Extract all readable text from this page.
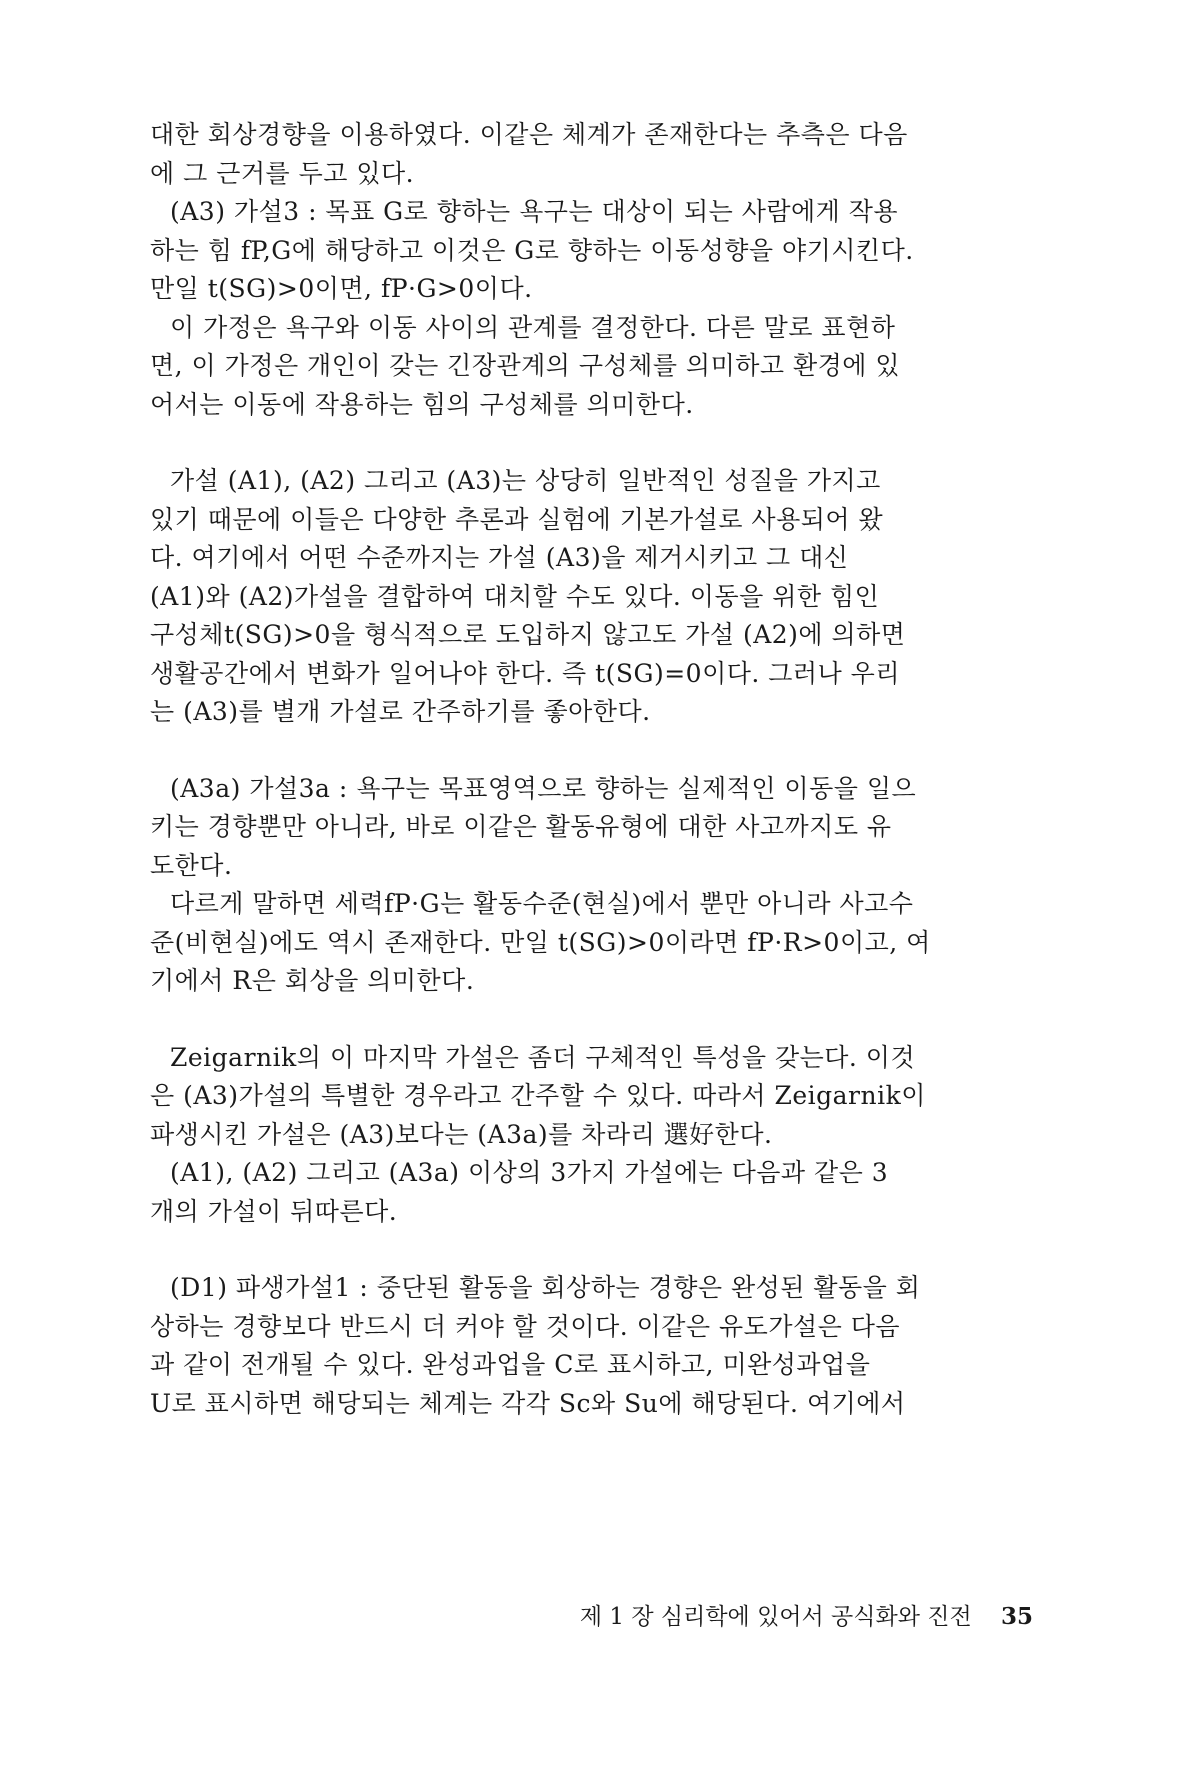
대한 회상경향을 이용하였다. 이같은 체계가 존재한다는 추측은 다음
에 그 근거를 두고 있다.
(A3) 가설3 : 목표 G로 향하는 욕구는 대상이 되는 사람에게 작용
하는 힘 fP,G에 해당하고 이것은 G로 향하는 이동성향을 야기시킨다.
만일 t(SG)>0이면, fP·G>0이다.
이 가정은 욕구와 이동 사이의 관계를 결정한다. 다른 말로 표현하
면, 이 가정은 개인이 갖는 긴장관계의 구성체를 의미하고 환경에 있
어서는 이동에 작용하는 힘의 구성체를 의미한다.
가설 (A1), (A2) 그리고 (A3)는 상당히 일반적인 성질을 가지고
있기 때문에 이들은 다양한 추론과 실험에 기본가설로 사용되어 왔
다. 여기에서 어떤 수준까지는 가설 (A3)을 제거시키고 그 대신
(A1)와 (A2)가설을 결합하여 대치할 수도 있다. 이동을 위한 힘인
구성체t(SG)>0을 형식적으로 도입하지 않고도 가설 (A2)에 의하면
생활공간에서 변화가 일어나야 한다. 즉 t(SG)=0이다. 그러나 우리
는 (A3)를 별개 가설로 간주하기를 좋아한다.
(A3a) 가설3a : 욕구는 목표영역으로 향하는 실제적인 이동을 일으
키는 경향뿐만 아니라, 바로 이같은 활동유형에 대한 사고까지도 유
도한다.
다르게 말하면 세력fP·G는 활동수준(현실)에서 뿐만 아니라 사고수
준(비현실)에도 역시 존재한다. 만일 t(SG)>0이라면 fP·R>0이고, 여
기에서 R은 회상을 의미한다.
Zeigarnik의 이 마지막 가설은 좀더 구체적인 특성을 갖는다. 이것
은 (A3)가설의 특별한 경우라고 간주할 수 있다. 따라서 Zeigarnik이
파생시킨 가설은 (A3)보다는 (A3a)를 차라리 選好한다.
(A1), (A2) 그리고 (A3a) 이상의 3가지 가설에는 다음과 같은 3
개의 가설이 뒤따른다.
(D1) 파생가설1 : 중단된 활동을 회상하는 경향은 완성된 활동을 회
상하는 경향보다 반드시 더 커야 할 것이다. 이같은 유도가설은 다음
과 같이 전개될 수 있다. 완성과업을 C로 표시하고, 미완성과업을
U로 표시하면 해당되는 체계는 각각 Sc와 Su에 해당된다. 여기에서
제 1 장 심리학에 있어서 공식화와 진전 35
